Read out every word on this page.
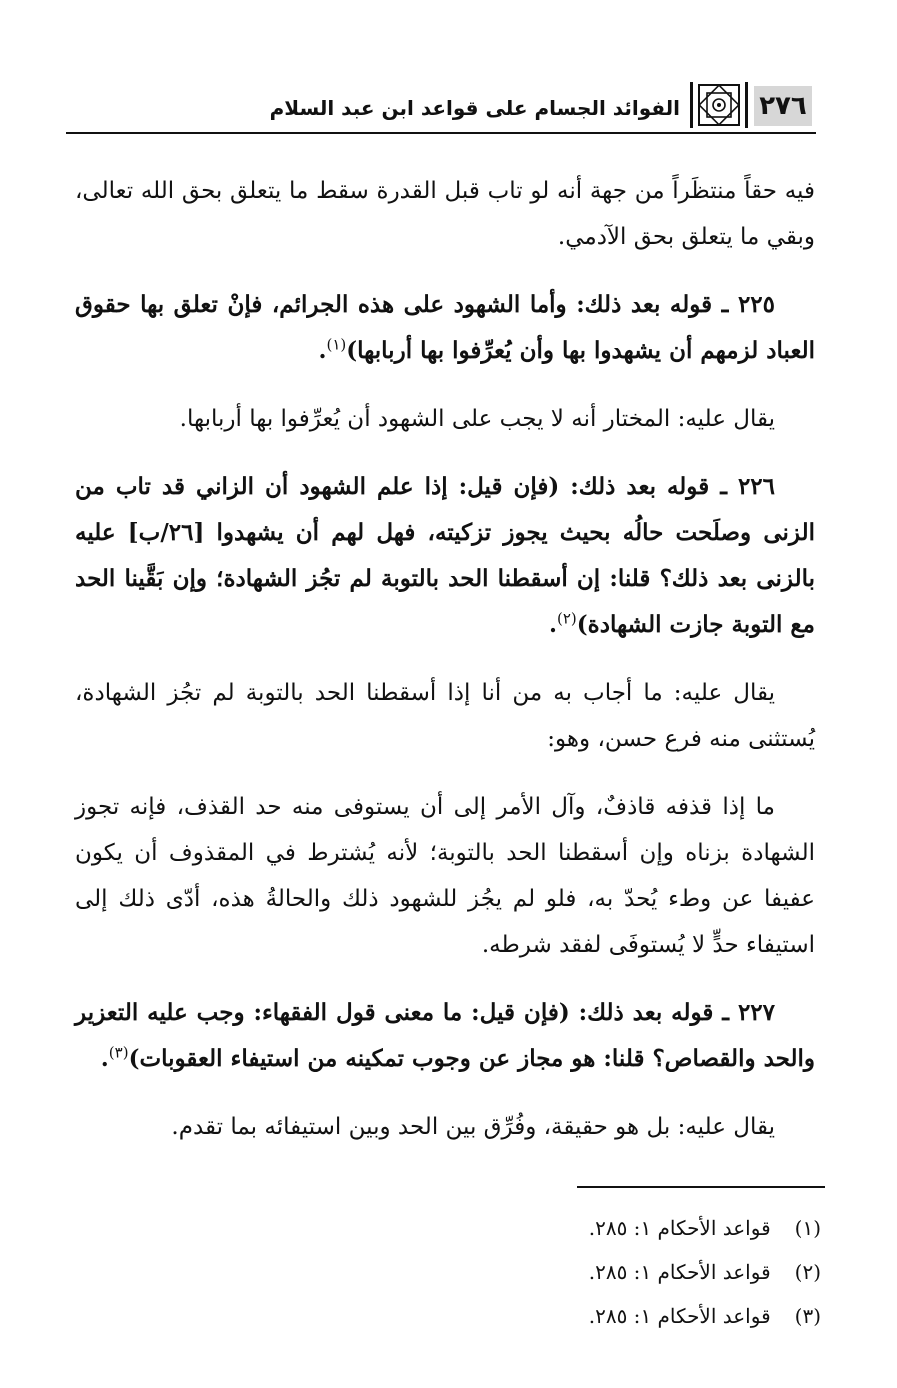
٢٧٦
الفوائد الجسام على قواعد ابن عبد السلام

فيه حقاً منتظَراً من جهة أنه لو تاب قبل القدرة سقط ما يتعلق بحق الله تعالى، وبقي ما يتعلق بحق الآدمي.

٢٢٥ ـ قوله بعد ذلك: وأما الشهود على هذه الجرائم، فإنْ تعلق بها حقوق العباد لزمهم أن يشهدوا بها وأن يُعرِّفوا بها أربابها)$^{(١)}$.

يقال عليه: المختار أنه لا يجب على الشهود أن يُعرِّفوا بها أربابها.

٢٢٦ ـ قوله بعد ذلك: (فإن قيل: إذا علم الشهود أن الزاني قد تاب من الزنى وصلَحت حالُه بحيث يجوز تزكيته، فهل لهم أن يشهدوا [٢٦/ب] عليه بالزنى بعد ذلك؟ قلنا: إن أسقطنا الحد بالتوبة لم تجُز الشهادة؛ وإن بَقَّينا الحد مع التوبة جازت الشهادة)$^{(٢)}$.

يقال عليه: ما أجاب به من أنا إذا أسقطنا الحد بالتوبة لم تجُز الشهادة، يُستثنى منه فرع حسن، وهو:

ما إذا قذفه قاذفٌ، وآل الأمر إلى أن يستوفى منه حد القذف، فإنه تجوز الشهادة بزناه وإن أسقطنا الحد بالتوبة؛ لأنه يُشترط في المقذوف أن يكون عفيفا عن وطء يُحدّ به، فلو لم يجُز للشهود ذلك والحالةُ هذه، أدّى ذلك إلى استيفاء حدٍّ لا يُستوفَى لفقد شرطه.

٢٢٧ ـ قوله بعد ذلك: (فإن قيل: ما معنى قول الفقهاء: وجب عليه التعزير والحد والقصاص؟ قلنا: هو مجاز عن وجوب تمكينه من استيفاء العقوبات)$^{(٣)}$.

يقال عليه: بل هو حقيقة، وفُرِّق بين الحد وبين استيفائه بما تقدم.

(١) قواعد الأحكام ١: ٢٨٥.
(٢) قواعد الأحكام ١: ٢٨٥.
(٣) قواعد الأحكام ١: ٢٨٥.
